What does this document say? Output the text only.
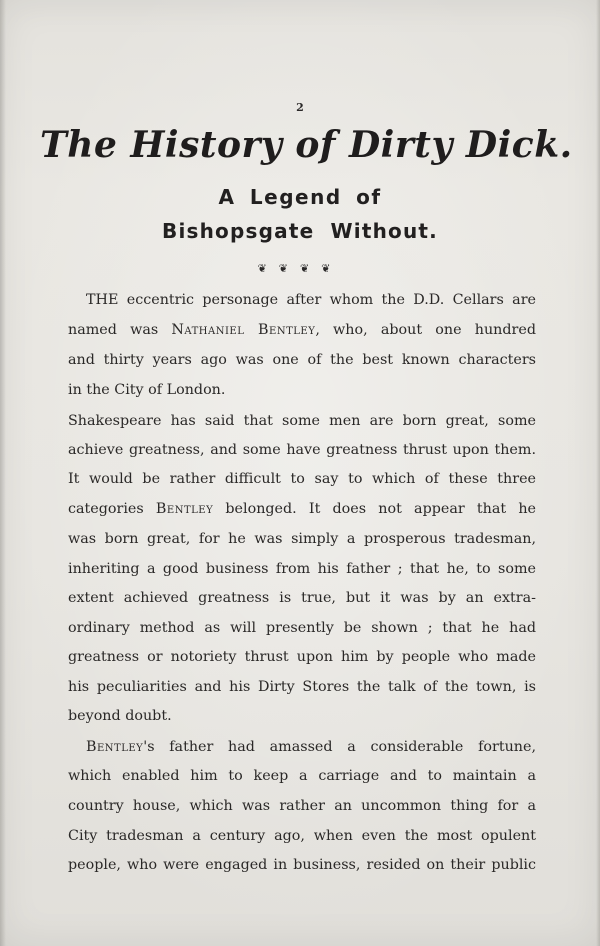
2
The History of Dirty Dick.
A Legend of
Bishopsgate Without.
❦❦❦❦
THE eccentric personage after whom the D.D. Cellars are
named was Nathaniel Bentley, who, about one hundred
and thirty years ago was one of the best known characters
in the City of London.
Shakespeare has said that some men are born great, some
achieve greatness, and some have greatness thrust upon them.
It would be rather difficult to say to which of these three
categories Bentley belonged. It does not appear that he
was born great, for he was simply a prosperous tradesman,
inheriting a good business from his father ; that he, to some
extent achieved greatness is true, but it was by an extra-
ordinary method as will presently be shown ; that he had
greatness or notoriety thrust upon him by people who made
his peculiarities and his Dirty Stores the talk of the town, is
beyond doubt.
Bentley's father had amassed a considerable fortune,
which enabled him to keep a carriage and to maintain a
country house, which was rather an uncommon thing for a
City tradesman a century ago, when even the most opulent
people, who were engaged in business, resided on their public
